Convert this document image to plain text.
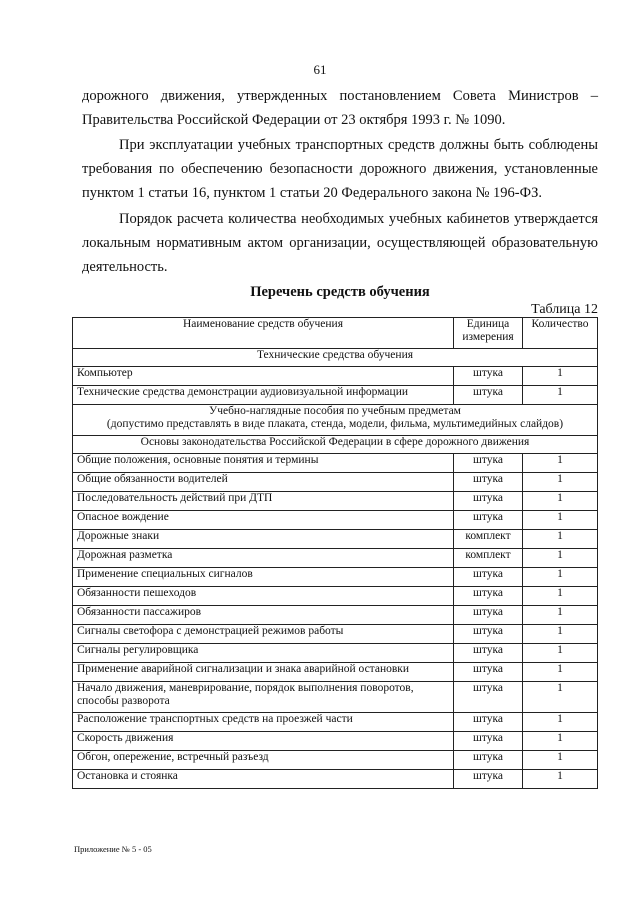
61

дорожного движения, утвержденных постановлением Совета Министров – Правительства Российской Федерации от 23 октября 1993 г. № 1090.

При эксплуатации учебных транспортных средств должны быть соблюдены требования по обеспечению безопасности дорожного движения, установленные пунктом 1 статьи 16, пунктом 1 статьи 20 Федерального закона № 196-ФЗ.

Порядок расчета количества необходимых учебных кабинетов утверждается локальным нормативным актом организации, осуществляющей образовательную деятельность.

Перечень средств обучения
Таблица 12
Наименование средств обучения	Единица измерения	Количество
Технические средства обучения		
Компьютер	штука	1
Технические средства демонстрации аудиовизуальной информации	штука	1
Учебно-наглядные пособия по учебным предметам
(допустимо представлять в виде плаката, стенда, модели, фильма, мультимедийных слайдов)		
Основы законодательства Российской Федерации в сфере дорожного движения		
Общие положения, основные понятия и термины	штука	1
Общие обязанности водителей	штука	1
Последовательность действий при ДТП	штука	1
Опасное вождение	штука	1
Дорожные знаки	комплект	1
Дорожная разметка	комплект	1
Применение специальных сигналов	штука	1
Обязанности пешеходов	штука	1
Обязанности пассажиров	штука	1
Сигналы светофора с демонстрацией режимов работы	штука	1
Сигналы регулировщика	штука	1
Применение аварийной сигнализации и знака аварийной остановки	штука	1
Начало движения, маневрирование, порядок выполнения поворотов, способы разворота	штука	1
Расположение транспортных средств на проезжей части	штука	1
Скорость движения	штука	1
Обгон, опережение, встречный разъезд	штука	1
Остановка и стоянка	штука	1
Приложение № 5 - 05
